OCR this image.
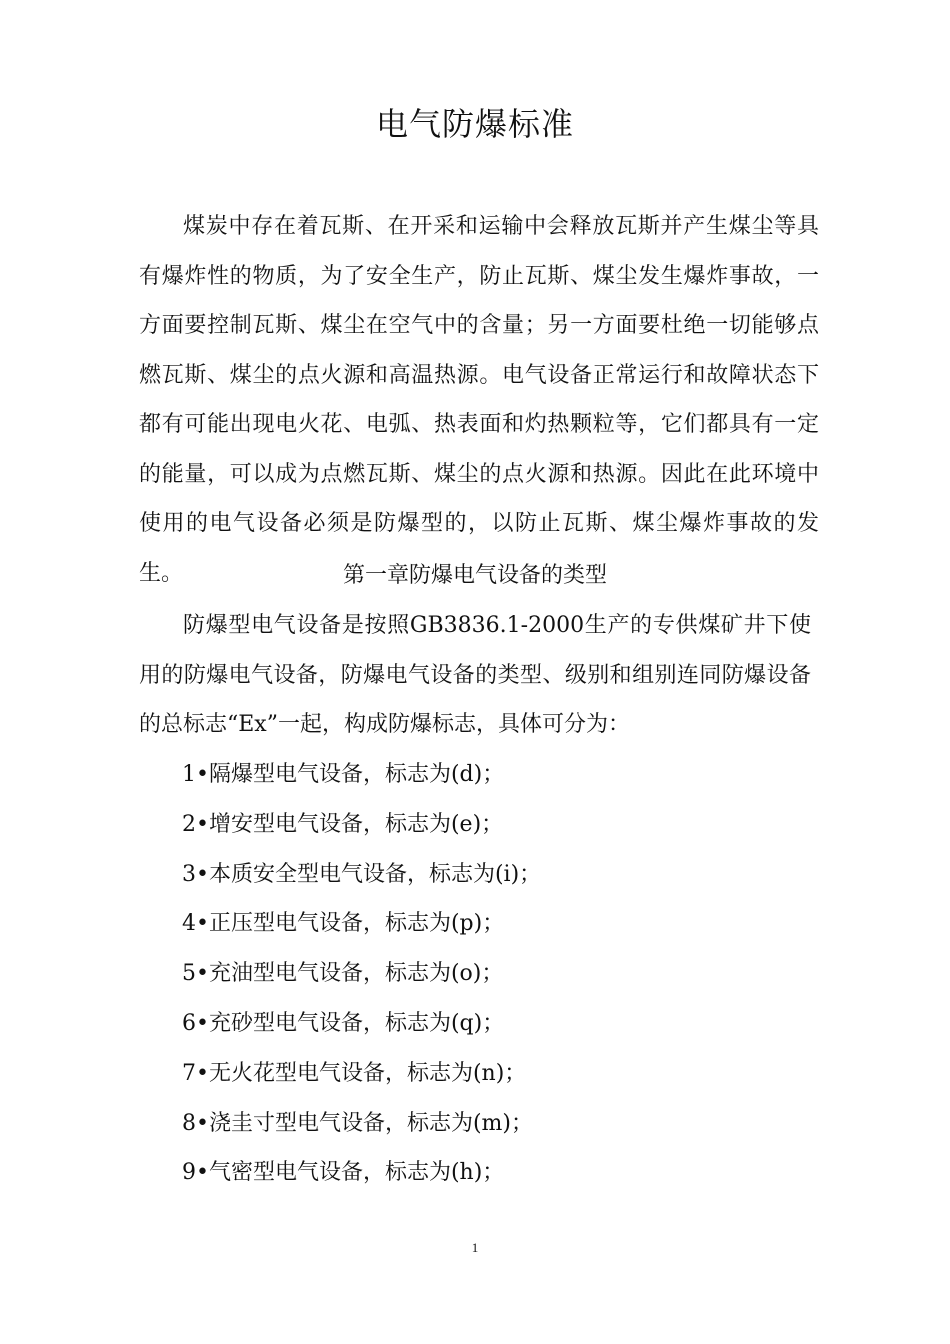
电气防爆标准

煤炭中存在着瓦斯、在开采和运输中会释放瓦斯并产生煤尘等具有爆炸性的物质，为了安全生产，防止瓦斯、煤尘发生爆炸事故，一方面要控制瓦斯、煤尘在空气中的含量；另一方面要杜绝一切能够点燃瓦斯、煤尘的点火源和高温热源。电气设备正常运行和故障状态下都有可能出现电火花、电弧、热表面和灼热颗粒等，它们都具有一定的能量，可以成为点燃瓦斯、煤尘的点火源和热源。因此在此环境中使用的电气设备必须是防爆型的，以防止瓦斯、煤尘爆炸事故的发生。	第一章防爆电气设备的类型

防爆型电气设备是按照GB3836.1-2000生产的专供煤矿井下使用的防爆电气设备，防爆电气设备的类型、级别和组别连同防爆设备的总标志“Ex”一起，构成防爆标志，具体可分为：

1•隔爆型电气设备，标志为(d)；
2•增安型电气设备，标志为(e)；
3•本质安全型电气设备，标志为(i)；
4•正压型电气设备，标志为(p)；
5•充油型电气设备，标志为(o)；
6•充砂型电气设备，标志为(q)；
7•无火花型电气设备，标志为(n)；
8•浇圭寸型电气设备，标志为(m)；
9•气密型电气设备，标志为(h)；
1
